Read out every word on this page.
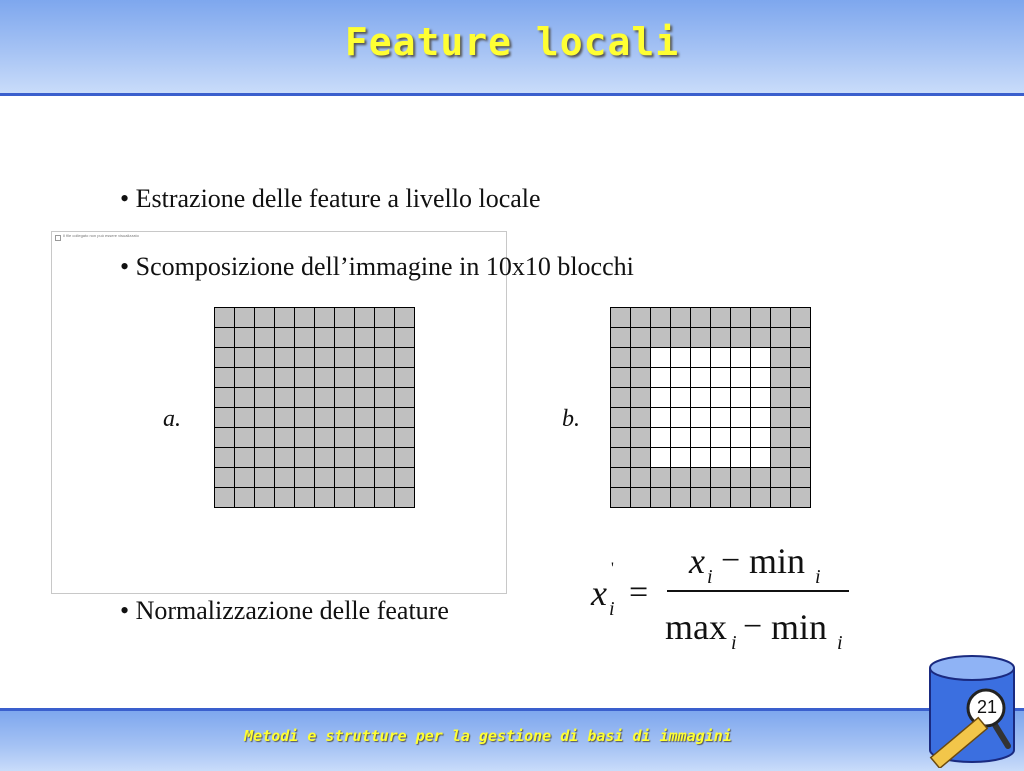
Feature locali
• Estrazione delle feature a livello locale
Il file collegato non può essere visualizzato
• Scomposizione dell’immagine in 10x10 blocchi
a.	b.
• Normalizzazione delle feature	x i
'
=
x i − min i
max i − min i
Metodi e strutture per la gestione di basi di immagini
21
